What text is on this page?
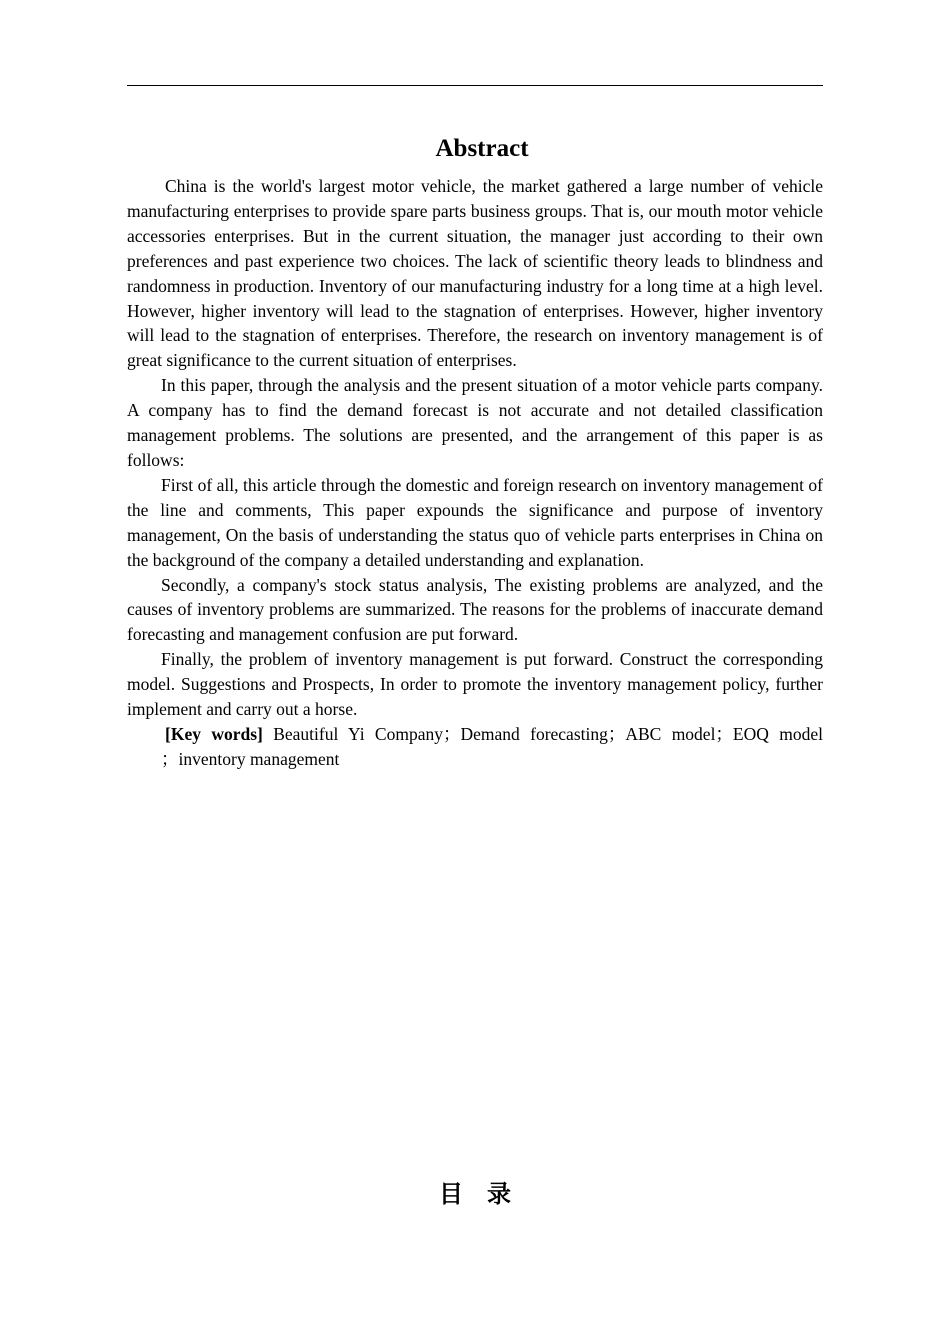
Abstract

China is the world's largest motor vehicle, the market gathered a large number of vehicle manufacturing enterprises to provide spare parts business groups. That is, our mouth motor vehicle accessories enterprises. But in the current situation, the manager just according to their own preferences and past experience two choices. The lack of scientific theory leads to blindness and randomness in production. Inventory of our manufacturing industry for a long time at a high level. However, higher inventory will lead to the stagnation of enterprises. However, higher inventory will lead to the stagnation of enterprises. Therefore, the research on inventory management is of great significance to the current situation of enterprises.

In this paper, through the analysis and the present situation of a motor vehicle parts company. A company has to find the demand forecast is not accurate and not detailed classification management problems. The solutions are presented, and the arrangement of this paper is as follows:

First of all, this article through the domestic and foreign research on inventory management of the line and comments, This paper expounds the significance and purpose of inventory management, On the basis of understanding the status quo of vehicle parts enterprises in China on the background of the company a detailed understanding and explanation.

Secondly, a company's stock status analysis, The existing problems are analyzed, and the causes of inventory problems are summarized. The reasons for the problems of inaccurate demand forecasting and management confusion are put forward.

Finally, the problem of inventory management is put forward. Construct the corresponding model. Suggestions and Prospects, In order to promote the inventory management policy, further implement and carry out a horse.

[Key words] Beautiful Yi Company；Demand forecasting；ABC model；EOQ model
；inventory management
目录
